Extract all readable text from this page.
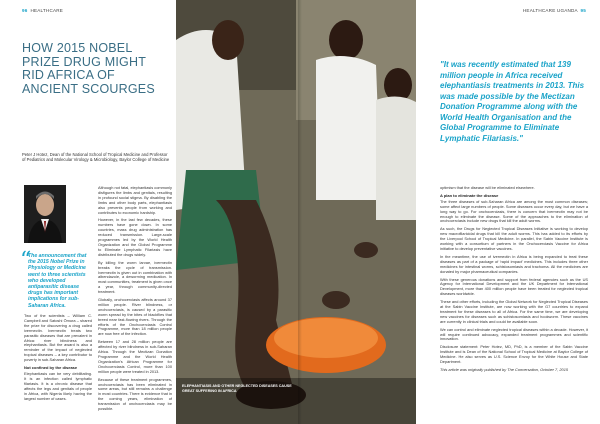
96 HEALTHCARE
HOW 2015 NOBEL PRIZE DRUG MIGHT RID AFRICA OF ANCIENT SCOURGES
Peter J Hotez, Dean of the National School of Tropical Medicine and Professor of Pediatrics and Molecular Virology & Microbiology, Baylor College of Medicine
“
The announcement that the 2015 Nobel Prize in Physiology or Medicine went to three scientists who developed antiparasitic disease drugs has important implications for sub-Saharan Africa.

Two of the scientists – William C. Campbell and Satoshi Ōmura – shared the prize for discovering a drug called ivermectin. Ivermectin treats two parasitic diseases that are prevalent in Africa: river blindness and elephantiasis. But the award is also a reminder of the impact of neglected tropical diseases – a key contributor to poverty in sub-Saharan Africa.

Not confined by the disease

Elephantiasis can be very debilitating. It is an infection called lymphatic filariasis. It is a chronic disease that affects the legs and genitals of people in Africa, with Nigeria likely having the largest number of cases.

Although not fatal, elephantiasis commonly disfigures the limbs and genitals, resulting in profound social stigma. By disabling the limbs and other body parts, elephantiasis also prevents people from working and contributes to economic hardship.

However, in the last few decades, these numbers have gone down. In some countries, mass drug administration has reduced transmission. Large-scale programmes led by the World Health Organization and the Global Programme to Eliminate Lymphatic Filariasis have distributed the drugs widely.

By killing the worm larvae, ivermectin breaks the cycle of transmission. Ivermectin is given out in combination with albendazole, a deworming medication. In most communities, treatment is given once a year, through community-directed treatment.

Globally, onchocerciasis affects around 37 million people. River blindness, or onchocerciasis, is caused by a parasitic worm spread by the bites of blackflies that breed near fast-flowing rivers. Through the efforts of the Onchocerciasis Control Programme, more than 18 million people are now free of the infection.

Between 17 and 28 million people are affected by river blindness in sub-Saharan Africa. Through the Mectizan Donation Programme and the World Health Organization's African Programme for Onchocerciasis Control, more than 100 million people were treated in 2013.

Because of these treatment programmes, onchocerciasis has been eliminated in some areas, but still remains a challenge in most countries. There is evidence that in the coming years, elimination of transmission of onchocerciasis may be possible.

HEALTHCARE UGANDA 95
ELEPHANTIASIS AND OTHER NEGLECTED DISEASES CAUSE GREAT SUFFERING IN AFRICA
"It was recently estimated that 139 million people in Africa received elephantiasis treatments in 2013. This was made possible by the Mectizan Donation Programme along with the World Health Organisation and the Global Programme to Eliminate Lymphatic Filariasis."

optimism that the disease will be eliminated elsewhere.

A plan to eliminate the disease

The three diseases of sub-Saharan Africa are among the most common diseases; some affect large numbers of people. Some diseases occur every day, but we have a long way to go. For onchocerciasis, there is concern that ivermectin may not be enough to eliminate the disease. Some of the approaches to the elimination of onchocerciasis include new drugs that kill the adult worms.

As such, the Drugs for Neglected Tropical Diseases Initiative is working to develop new macrofilaricidal drugs that kill the adult worms. This has added to its efforts by the Liverpool School of Tropical Medicine. In parallel, the Sabin Vaccine Institute is working with a consortium of partners in the Onchocerciasis Vaccine for Africa initiative to develop preventative vaccines.

In the meantime, the use of ivermectin in Africa is being expanded to treat these diseases as part of a package of 'rapid impact' medicines. This includes three other medicines for intestinal worms, schistosomiasis and trachoma. All the medicines are donated by major pharmaceutical companies.

With these generous donations and support from federal agencies such as the US Agency for International Development and the UK Department for International Development, more than 400 million people have been treated for neglected tropical diseases worldwide.

These and other efforts, including the Global Network for Neglected Tropical Diseases at the Sabin Vaccine Institute, are now working with the G7 countries to expand treatment for these diseases to all of Africa. For the same time, we are developing new vaccines for diseases such as schistosomiasis and hookworm. These vaccines are currently in clinical trials and could be available soon.

We can control and eliminate neglected tropical diseases within a decade. However, it will require continued advocacy, expanded treatment programmes and scientific innovation.

Disclosure statement: Peter Hotez, MD, PhD, is a member of the Sabin Vaccine Institute and is Dean of the National School of Tropical Medicine at Baylor College of Medicine. He also serves as U.S. Science Envoy for the White House and State Department.

This article was originally published by The Conversation, October 7, 2015
